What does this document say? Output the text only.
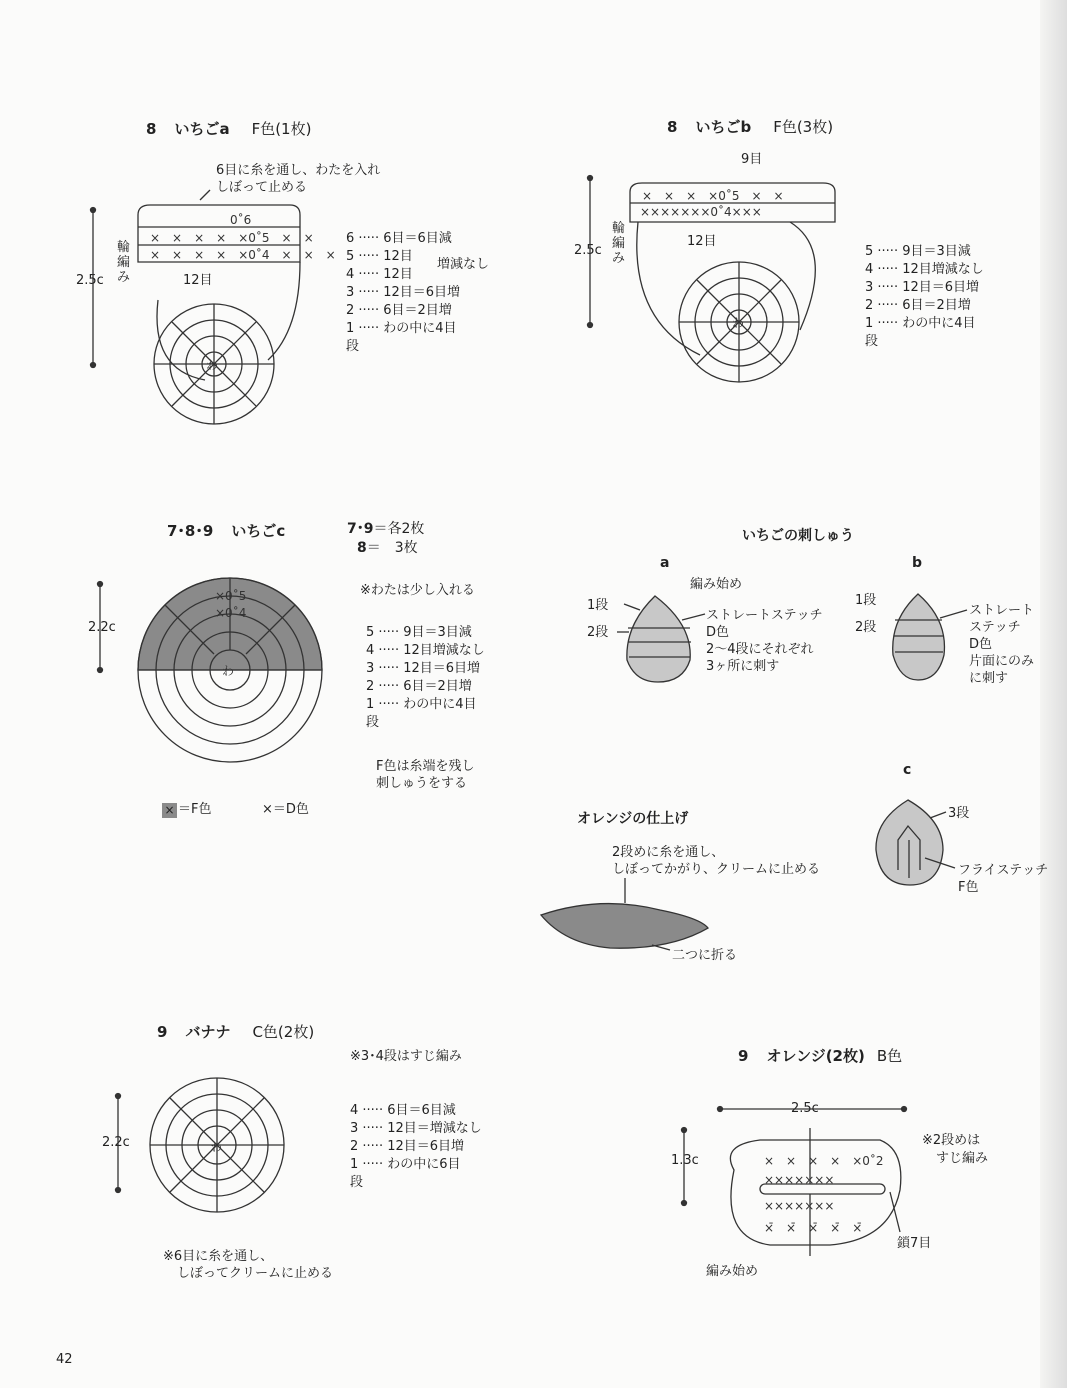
8 いちごa F色(1枚)
6目に糸を通し、わたを入れ
しぼって止める
2.5c
輪編み	12目
6 ····· 6目＝6目減
5 ····· 12目
4 ····· 12目
3 ····· 12目＝6目増
2 ····· 6目＝2目増
1 ····· わの中に4目
段
増減なし
8 いちごb F色(3枚)
9目
2.5c
輪編み
12目
5 ····· 9目＝3目減
4 ····· 12目増減なし
3 ····· 12目＝6目増
2 ····· 6目＝2目増
1 ····· わの中に4目
段
7･8･9 いちごc	7･9＝各2枚
8＝　3枚
※わたは少し入れる
2.2c	5 ····· 9目＝3目減
4 ····· 12目増減なし
3 ····· 12目＝6目増
2 ····· 6目＝2目増
1 ····· わの中に4目
段
F色は糸端を残し
刺しゅうをする
× ＝F色	×＝D色
いちごの刺しゅう
a
編み始め
1段
2段
ストレートステッチ
D色
2～4段にそれぞれ
3ヶ所に刺す
b
1段
2段
ストレート
ステッチ
D色
片面にのみ
に刺す
c
3段
フライステッチ
F色
オレンジの仕上げ
2段めに糸を通し、
しぼってかがり、クリームに止める
二つに折る
9 バナナ C色(2枚)
※3･4段はすじ編み
2.2c
4 ····· 6目＝6目減
3 ····· 12目＝増減なし
2 ····· 12目＝6目増
1 ····· わの中に6目
段
※6目に糸を通し、
しぼってクリームに止める
9 オレンジ(2枚) B色
2.5c
1.3c
※2段めは
すじ編み
鎖7目
編み始め
42
×　×　×　×　×0˚5　×　×
×　×　×　×　×0˚4　×　×　×
0˚6
×　×　×　×0˚5　×　×
×××××××0˚4×××
わ
わ
わ
わ
×0˚5
×0˚4
×　×　×　×　×0˚2
×××××××
×××××××
×̄　×̄　×̄　×̄　×̄
